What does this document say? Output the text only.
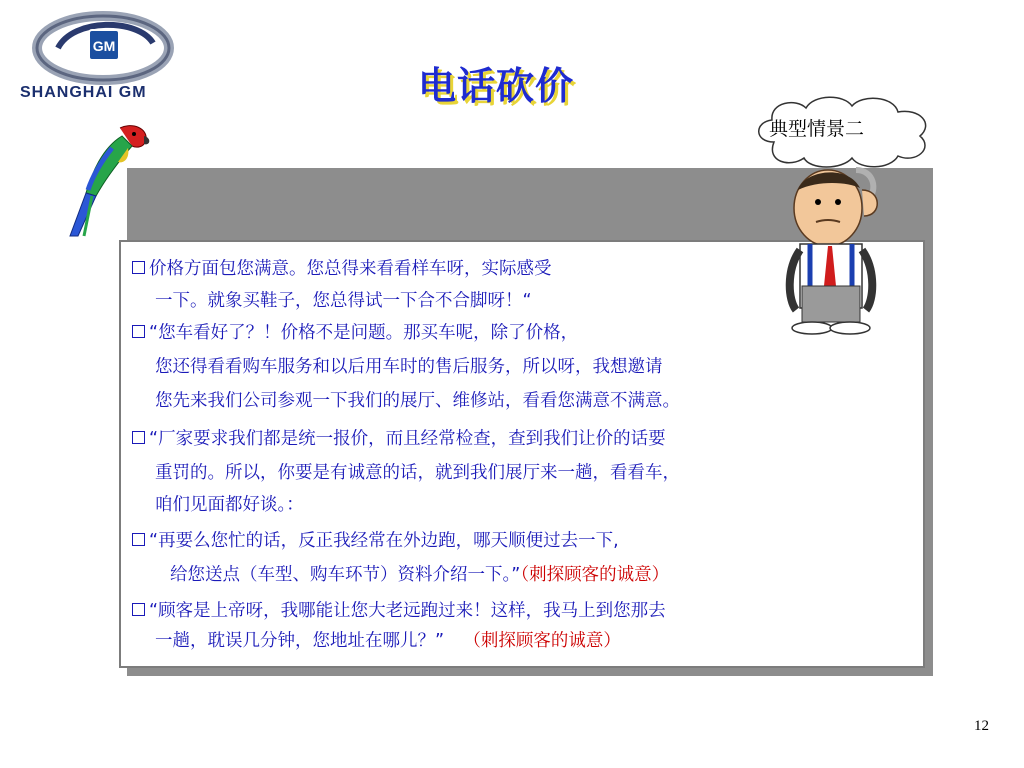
GM
SHANGHAI GM	电话砍价
价格方面包您满意。您总得来看看样车呀，实际感受
一下。就象买鞋子，您总得试一下合不合脚呀！“
“您车看好了？！价格不是问题。那买车呢，除了价格，
您还得看看购车服务和以后用车时的售后服务，所以呀，我想邀请
您先来我们公司参观一下我们的展厅、维修站，看看您满意不满意。
“厂家要求我们都是统一报价，而且经常检查，查到我们让价的话要
重罚的。所以，你要是有诚意的话，就到我们展厅来一趟，看看车，
咱们见面都好谈。：
“再要么您忙的话，反正我经常在外边跑，哪天顺便过去一下,
给您送点（车型、购车环节）资料介绍一下。”（刺探顾客的诚意）
“顾客是上帝呀，我哪能让您大老远跑过来！这样，我马上到您那去
一趟，耽误几分钟，您地址在哪儿？” （刺探顾客的诚意）
典型情景二
12
